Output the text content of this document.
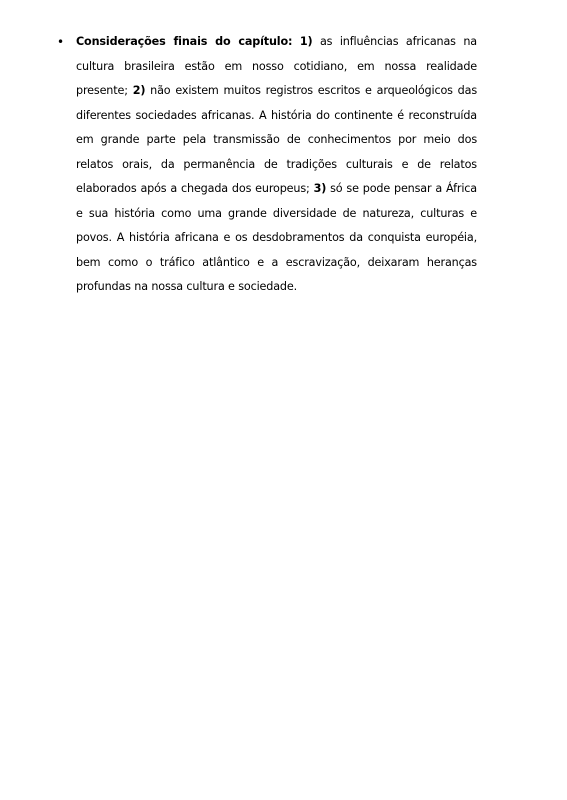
• Considerações finais do capítulo: 1) as influências africanas na cultura brasileira estão em nosso cotidiano, em nossa realidade presente; 2) não existem muitos registros escritos e arqueológicos das diferentes sociedades africanas. A história do continente é reconstruída em grande parte pela transmissão de conhecimentos por meio dos relatos orais, da permanência de tradições culturais e de relatos elaborados após a chegada dos europeus; 3) só se pode pensar a África e sua história como uma grande diversidade de natureza, culturas e povos. A história africana e os desdobramentos da conquista européia, bem como o tráfico atlântico e a escravização, deixaram heranças profundas na nossa cultura e sociedade.
